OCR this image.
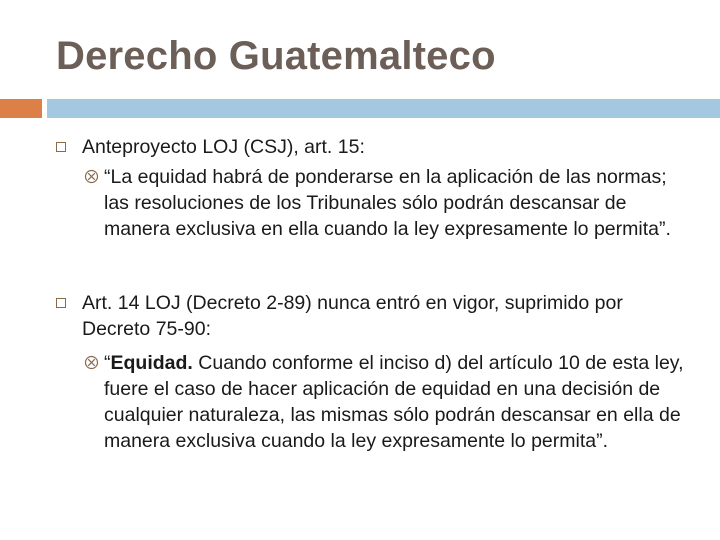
Derecho Guatemalteco
Anteproyecto LOJ (CSJ), art. 15:
“La equidad habrá de ponderarse en la aplicación de las normas; las resoluciones de los Tribunales sólo podrán descansar de manera exclusiva en ella cuando la ley expresamente lo permita”.
Art. 14 LOJ (Decreto 2-89) nunca entró en vigor, suprimido por Decreto 75-90:
“Equidad. Cuando conforme el inciso d) del artículo 10 de esta ley, fuere el caso de hacer aplicación de equidad en una decisión de cualquier naturaleza, las mismas sólo podrán descansar en ella de manera exclusiva cuando la ley expresamente lo permita”.
